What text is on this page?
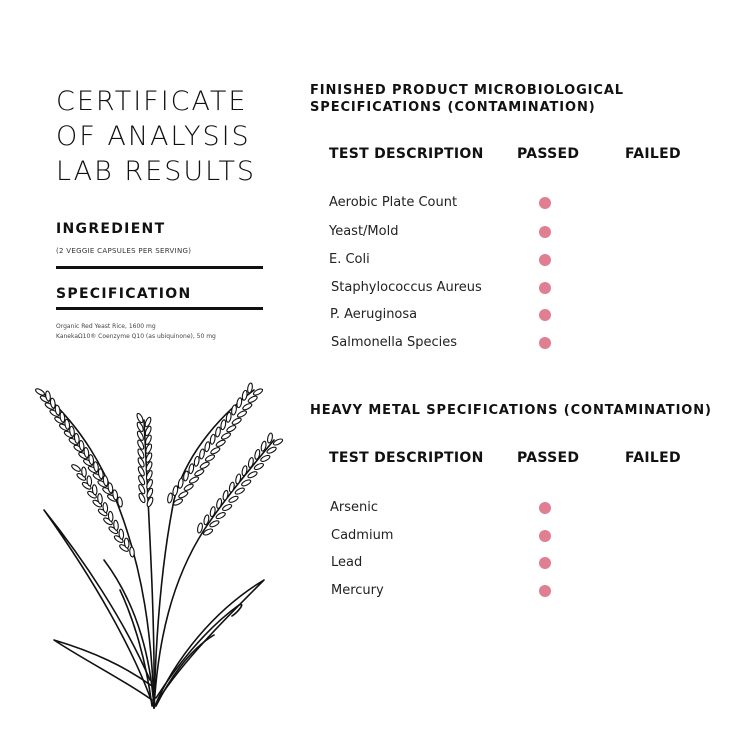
CERTIFICATE
OF ANALYSIS
LAB RESULTS
INGREDIENT
(2 VEGGIE CAPSULES PER SERVING)
SPECIFICATION
Organic Red Yeast Rice, 1600 mg
KanekaΩ10® Coenzyme Q10 (as ubiquinone), 50 mg
FINISHED PRODUCT MICROBIOLOGICAL
SPECIFICATIONS (CONTAMINATION)
TEST DESCRIPTION PASSED	FAILED
Aerobic Plate Count
Yeast/Mold
E. Coli
Staphylococcus Aureus
P. Aeruginosa
Salmonella Species
HEAVY METAL SPECIFICATIONS (CONTAMINATION)
TEST DESCRIPTION PASSED	FAILED
Arsenic
Cadmium
Lead
Mercury
